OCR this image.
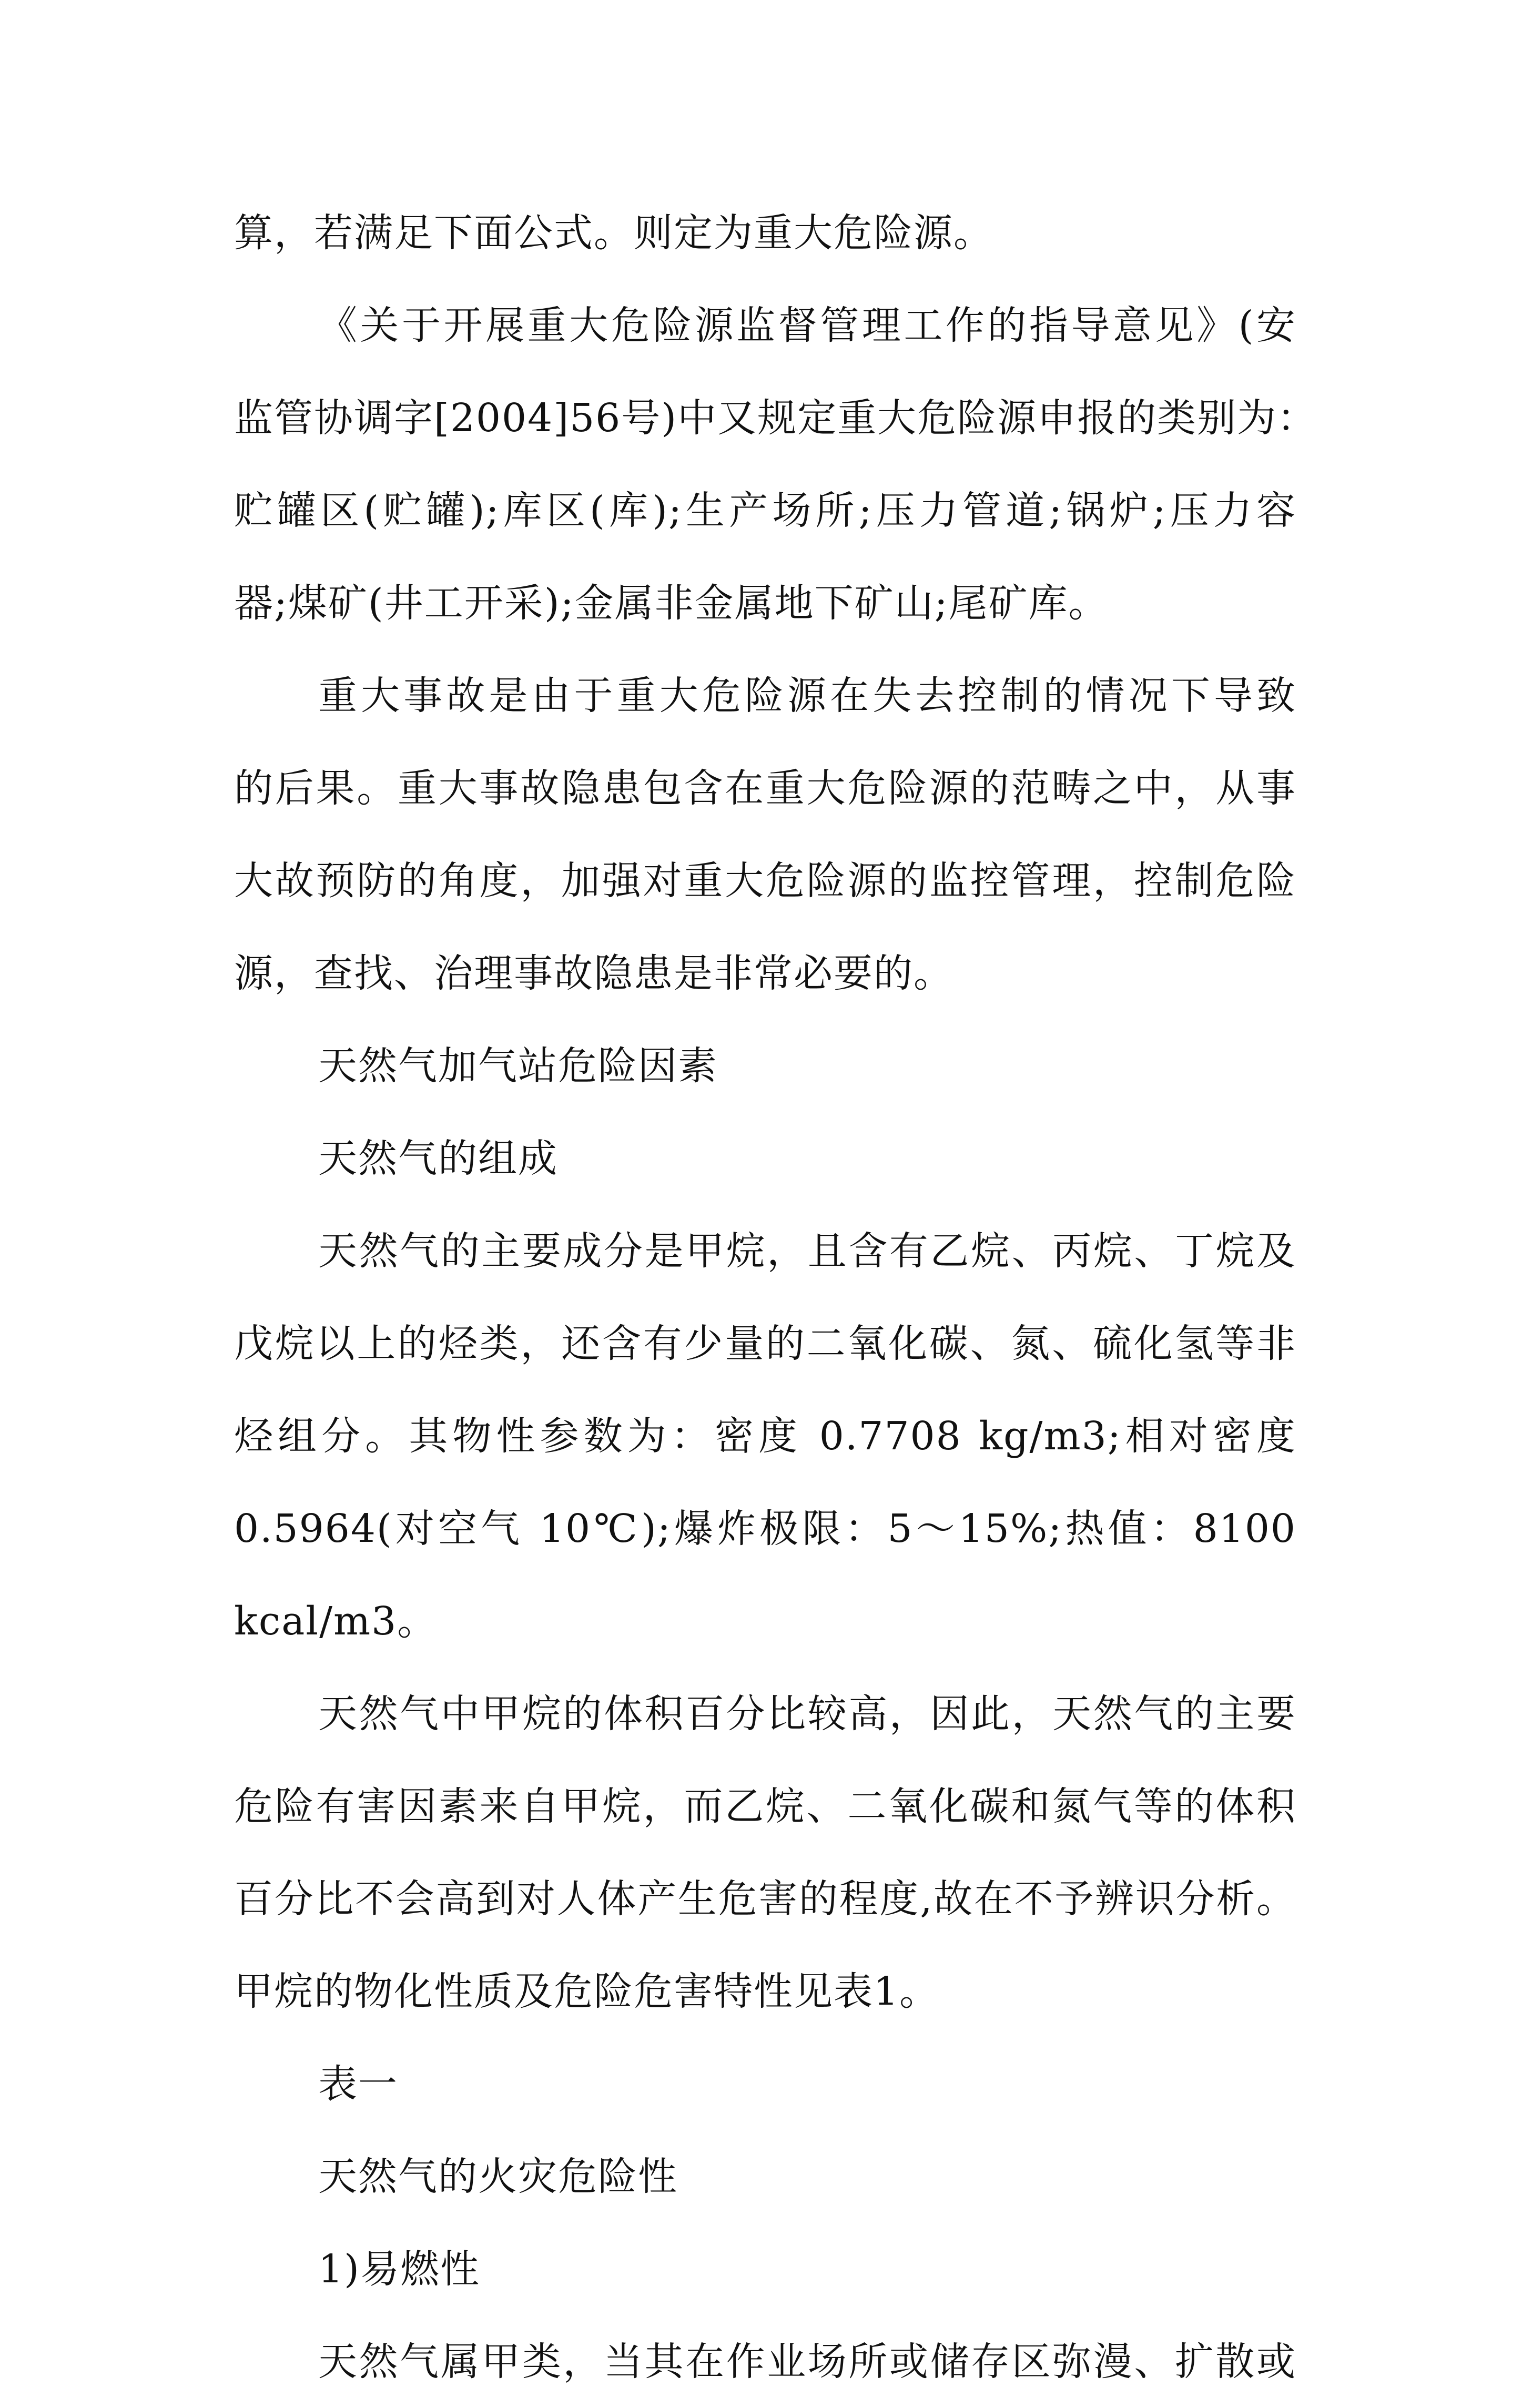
算，若满足下面公式。则定为重大危险源。
《关于开展重大危险源监督管理工作的指导意见》(安
监管协调字[2004]56号)中又规定重大危险源申报的类别为：
贮罐区(贮罐);库区(库);生产场所;压力管道;锅炉;压力容
器;煤矿(井工开采);金属非金属地下矿山;尾矿库。
重大事故是由于重大危险源在失去控制的情况下导致
的后果。重大事故隐患包含在重大危险源的范畴之中，从事
大故预防的角度，加强对重大危险源的监控管理，控制危险
源，查找、治理事故隐患是非常必要的。
天然气加气站危险因素
天然气的组成
天然气的主要成分是甲烷，且含有乙烷、丙烷、丁烷及
戊烷以上的烃类，还含有少量的二氧化碳、氮、硫化氢等非
烃组分。其物性参数为：密度 0.7708 kg/m3;相对密度
0.5964(对空气 10℃);爆炸极限：5～15%;热值：8100
kcal/m3。
天然气中甲烷的体积百分比较高，因此，天然气的主要
危险有害因素来自甲烷，而乙烷、二氧化碳和氮气等的体积
百分比不会高到对人体产生危害的程度,故在不予辨识分析。
甲烷的物化性质及危险危害特性见表1。
表一
天然气的火灾危险性
1)易燃性
天然气属甲类，当其在作业场所或储存区弥漫、扩散或
